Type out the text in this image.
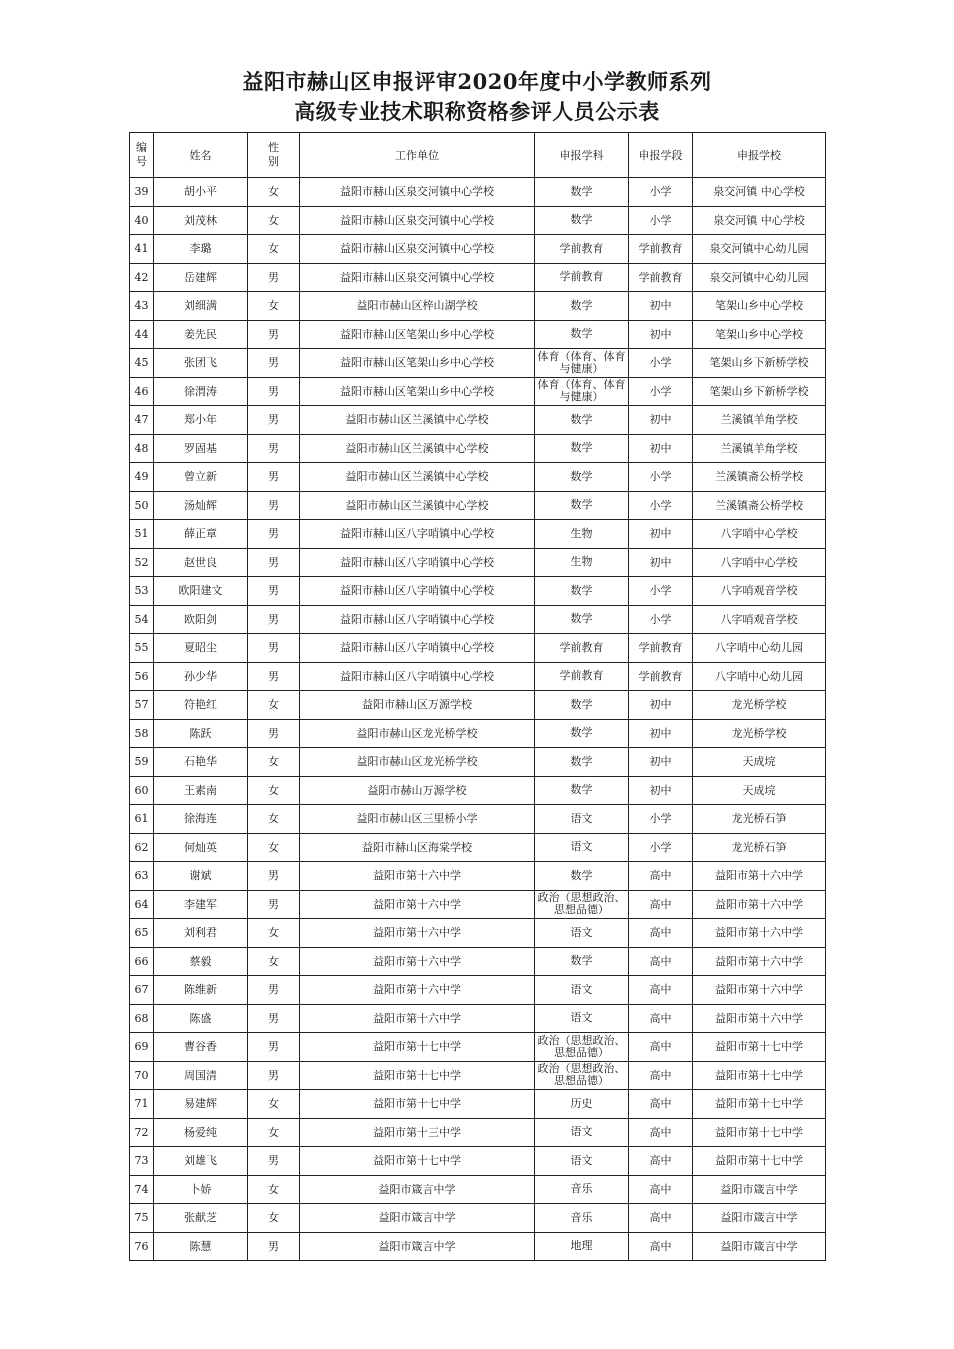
益阳市赫山区申报评审2020年度中小学教师系列
高级专业技术职称资格参评人员公示表
编号	姓名	性别	工作单位	申报学科	申报学段	申报学校
39	胡小平	女	益阳市赫山区泉交河镇中心学校	数学	小学	泉交河镇 中心学校
40	刘茂林	女	益阳市赫山区泉交河镇中心学校	数学	小学	泉交河镇 中心学校
41	李璐	女	益阳市赫山区泉交河镇中心学校	学前教育	学前教育	泉交河镇中心幼儿园
42	岳建辉	男	益阳市赫山区泉交河镇中心学校	学前教育	学前教育	泉交河镇中心幼儿园
43	刘细满	女	益阳市赫山区梓山湖学校	数学	初中	笔架山乡中心学校
44	姜先民	男	益阳市赫山区笔架山乡中心学校	数学	初中	笔架山乡中心学校
45	张团飞	男	益阳市赫山区笔架山乡中心学校	体育（体育、体育与健康）	小学	笔架山乡下新桥学校
46	徐渭涛	男	益阳市赫山区笔架山乡中心学校	体育（体育、体育与健康）	小学	笔架山乡下新桥学校
47	郑小年	男	益阳市赫山区兰溪镇中心学校	数学	初中	兰溪镇羊角学校
48	罗固基	男	益阳市赫山区兰溪镇中心学校	数学	初中	兰溪镇羊角学校
49	曾立新	男	益阳市赫山区兰溪镇中心学校	数学	小学	兰溪镇斋公桥学校
50	汤灿辉	男	益阳市赫山区兰溪镇中心学校	数学	小学	兰溪镇斋公桥学校
51	薛正章	男	益阳市赫山区八字哨镇中心学校	生物	初中	八字哨中心学校
52	赵世良	男	益阳市赫山区八字哨镇中心学校	生物	初中	八字哨中心学校
53	欧阳建文	男	益阳市赫山区八字哨镇中心学校	数学	小学	八字哨观音学校
54	欧阳剑	男	益阳市赫山区八字哨镇中心学校	数学	小学	八字哨观音学校
55	夏昭尘	男	益阳市赫山区八字哨镇中心学校	学前教育	学前教育	八字哨中心幼儿园
56	孙少华	男	益阳市赫山区八字哨镇中心学校	学前教育	学前教育	八字哨中心幼儿园
57	符艳红	女	益阳市赫山区万源学校	数学	初中	龙光桥学校
58	陈跃	男	益阳市赫山区龙光桥学校	数学	初中	龙光桥学校
59	石艳华	女	益阳市赫山区龙光桥学校	数学	初中	天成垸
60	王素南	女	益阳市赫山万源学校	数学	初中	天成垸
61	徐海连	女	益阳市赫山区三里桥小学	语文	小学	龙光桥石笋
62	何灿英	女	益阳市赫山区海棠学校	语文	小学	龙光桥石笋
63	谢斌	男	益阳市第十六中学	数学	高中	益阳市第十六中学
64	李建军	男	益阳市第十六中学	政治（思想政治、思想品德）	高中	益阳市第十六中学
65	刘利君	女	益阳市第十六中学	语文	高中	益阳市第十六中学
66	蔡毅	女	益阳市第十六中学	数学	高中	益阳市第十六中学
67	陈维新	男	益阳市第十六中学	语文	高中	益阳市第十六中学
68	陈盛	男	益阳市第十六中学	语文	高中	益阳市第十六中学
69	曹谷香	男	益阳市第十七中学	政治（思想政治、思想品德）	高中	益阳市第十七中学
70	周国清	男	益阳市第十七中学	政治（思想政治、思想品德）	高中	益阳市第十七中学
71	易建辉	女	益阳市第十七中学	历史	高中	益阳市第十七中学
72	杨爱纯	女	益阳市第十三中学	语文	高中	益阳市第十七中学
73	刘雄飞	男	益阳市第十七中学	语文	高中	益阳市第十七中学
74	卜娇	女	益阳市箴言中学	音乐	高中	益阳市箴言中学
75	张献芝	女	益阳市箴言中学	音乐	高中	益阳市箴言中学
76	陈慧	男	益阳市箴言中学	地理	高中	益阳市箴言中学
